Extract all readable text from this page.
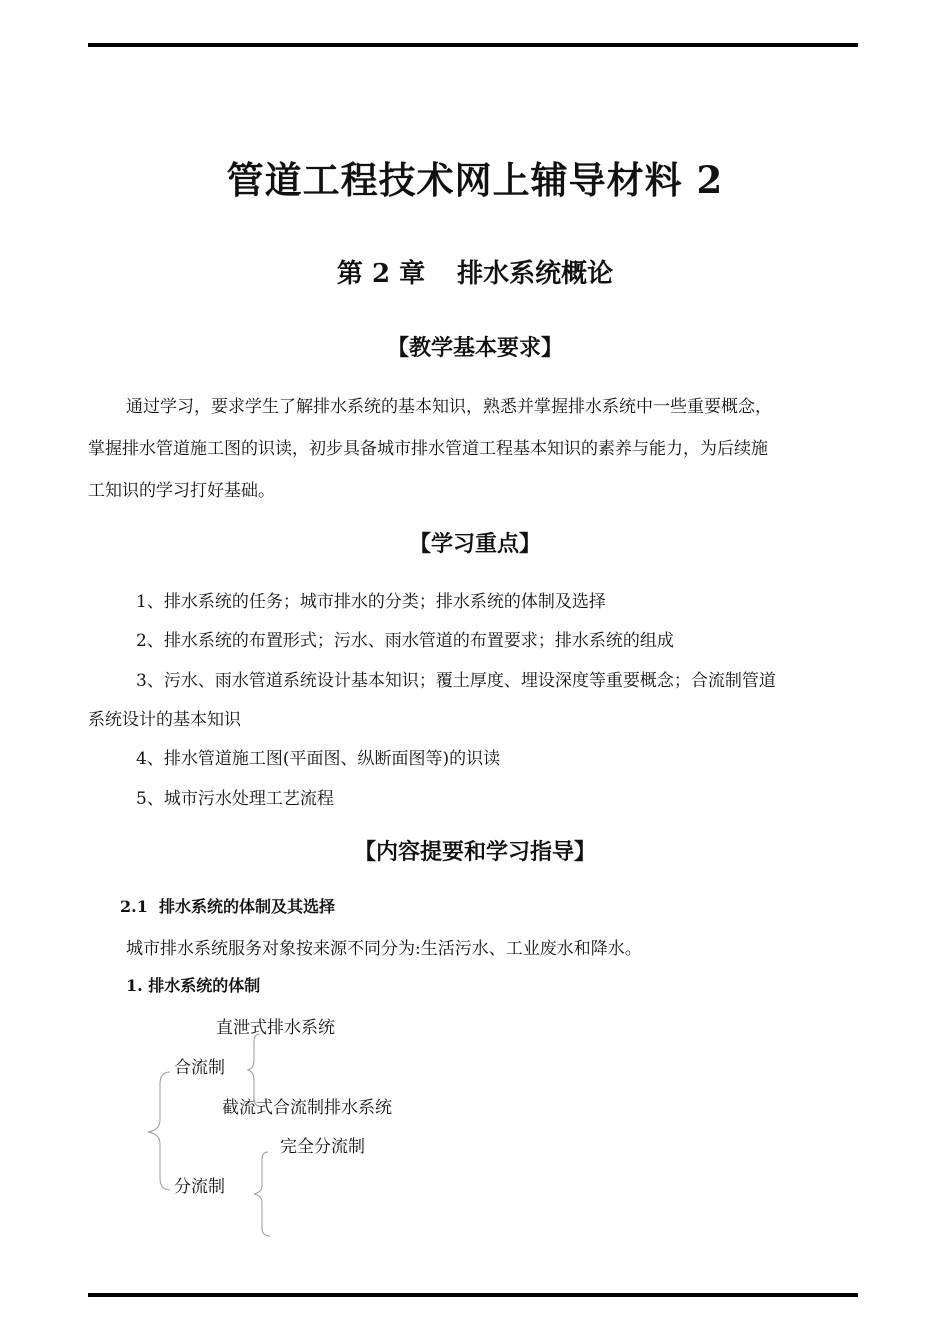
管道工程技术网上辅导材料 2
第 2 章 排水系统概论
【教学基本要求】
通过学习，要求学生了解排水系统的基本知识，熟悉并掌握排水系统中一些重要概念，
掌握排水管道施工图的识读，初步具备城市排水管道工程基本知识的素养与能力，为后续施
工知识的学习打好基础。
【学习重点】
1、排水系统的任务；城市排水的分类；排水系统的体制及选择
2、排水系统的布置形式；污水、雨水管道的布置要求；排水系统的组成
3、污水、雨水管道系统设计基本知识；覆土厚度、埋设深度等重要概念；合流制管道
系统设计的基本知识
4、排水管道施工图(平面图、纵断面图等)的识读
5、城市污水处理工艺流程
【内容提要和学习指导】
2.1 排水系统的体制及其选择
城市排水系统服务对象按来源不同分为:生活污水、工业废水和降水。
1. 排水系统的体制
直泄式排水系统
合流制
截流式合流制排水系统
完全分流制
分流制
